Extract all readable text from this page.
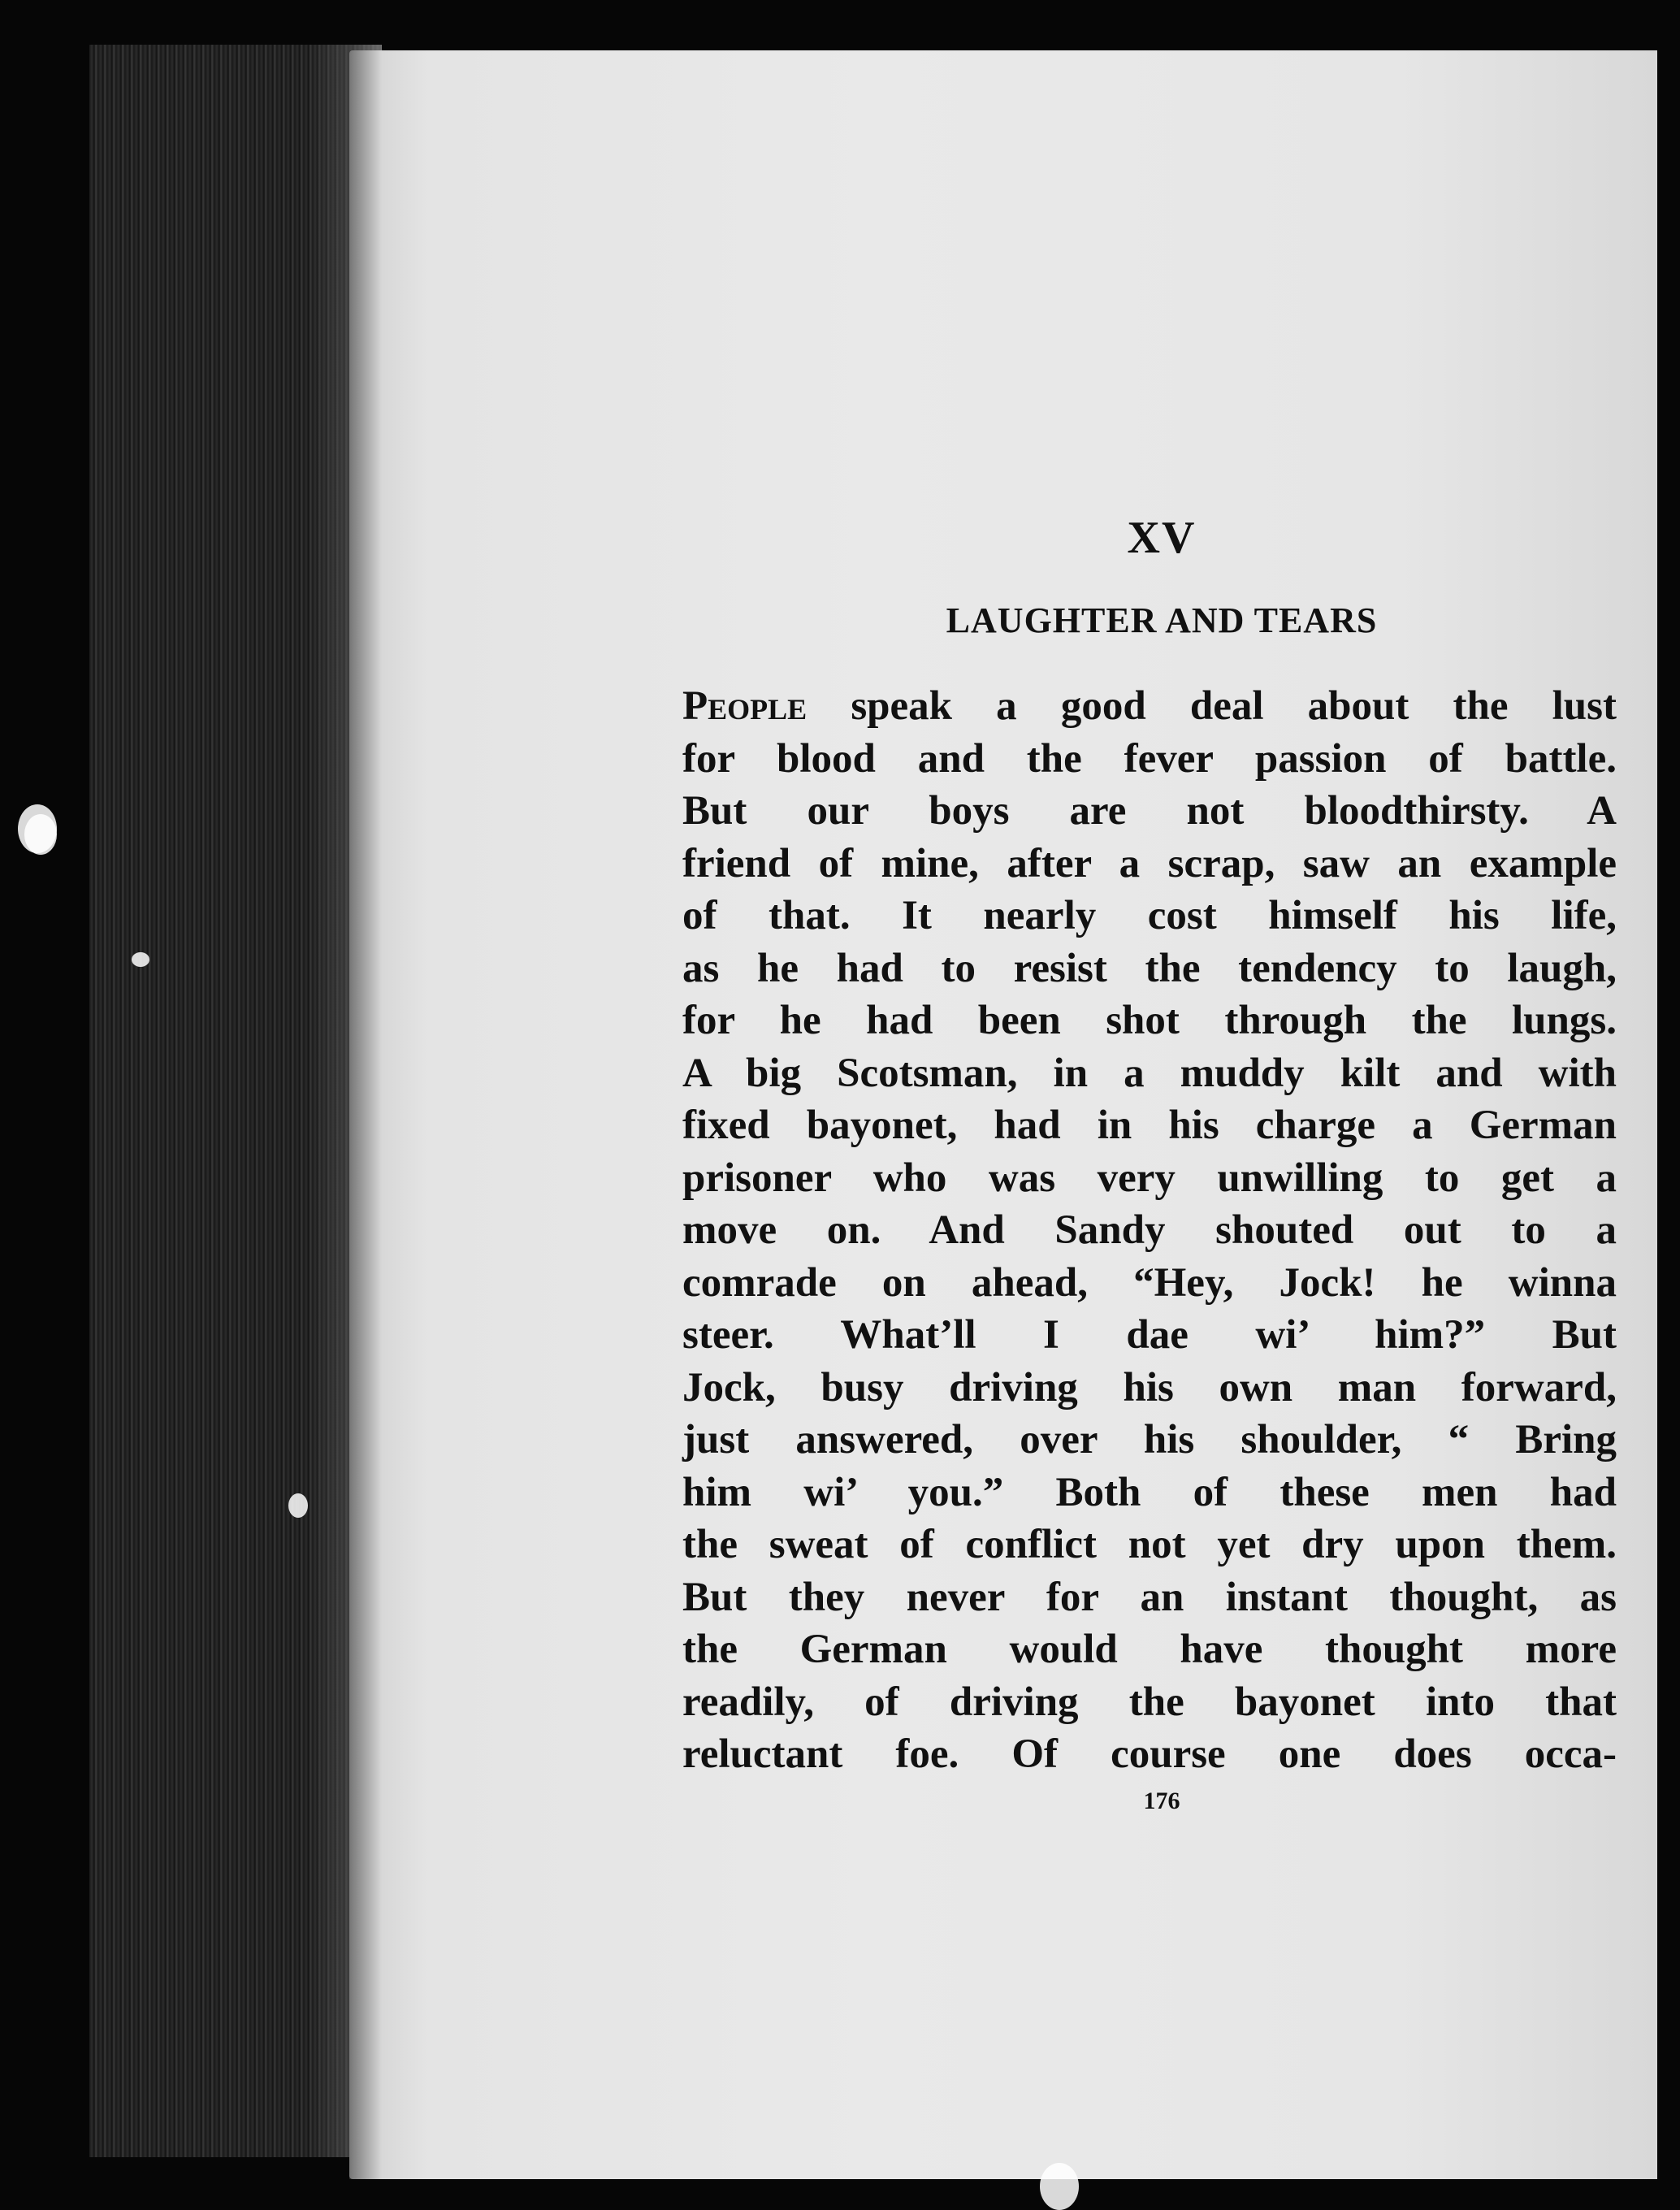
XV
LAUGHTER AND TEARS
People speak a good deal about the lust
for blood and the fever passion of battle.
But our boys are not bloodthirsty. A
friend of mine, after a scrap, saw an example
of that. It nearly cost himself his life,
as he had to resist the tendency to laugh,
for he had been shot through the lungs.
A big Scotsman, in a muddy kilt and with
fixed bayonet, had in his charge a German
prisoner who was very unwilling to get a
move on. And Sandy shouted out to a
comrade on ahead, “Hey, Jock! he winna
steer. What’ll I dae wi’ him?” But
Jock, busy driving his own man forward,
just answered, over his shoulder, “ Bring
him wi’ you.” Both of these men had
the sweat of conflict not yet dry upon them.
But they never for an instant thought, as
the German would have thought more
readily, of driving the bayonet into that
reluctant foe. Of course one does occa-
176
